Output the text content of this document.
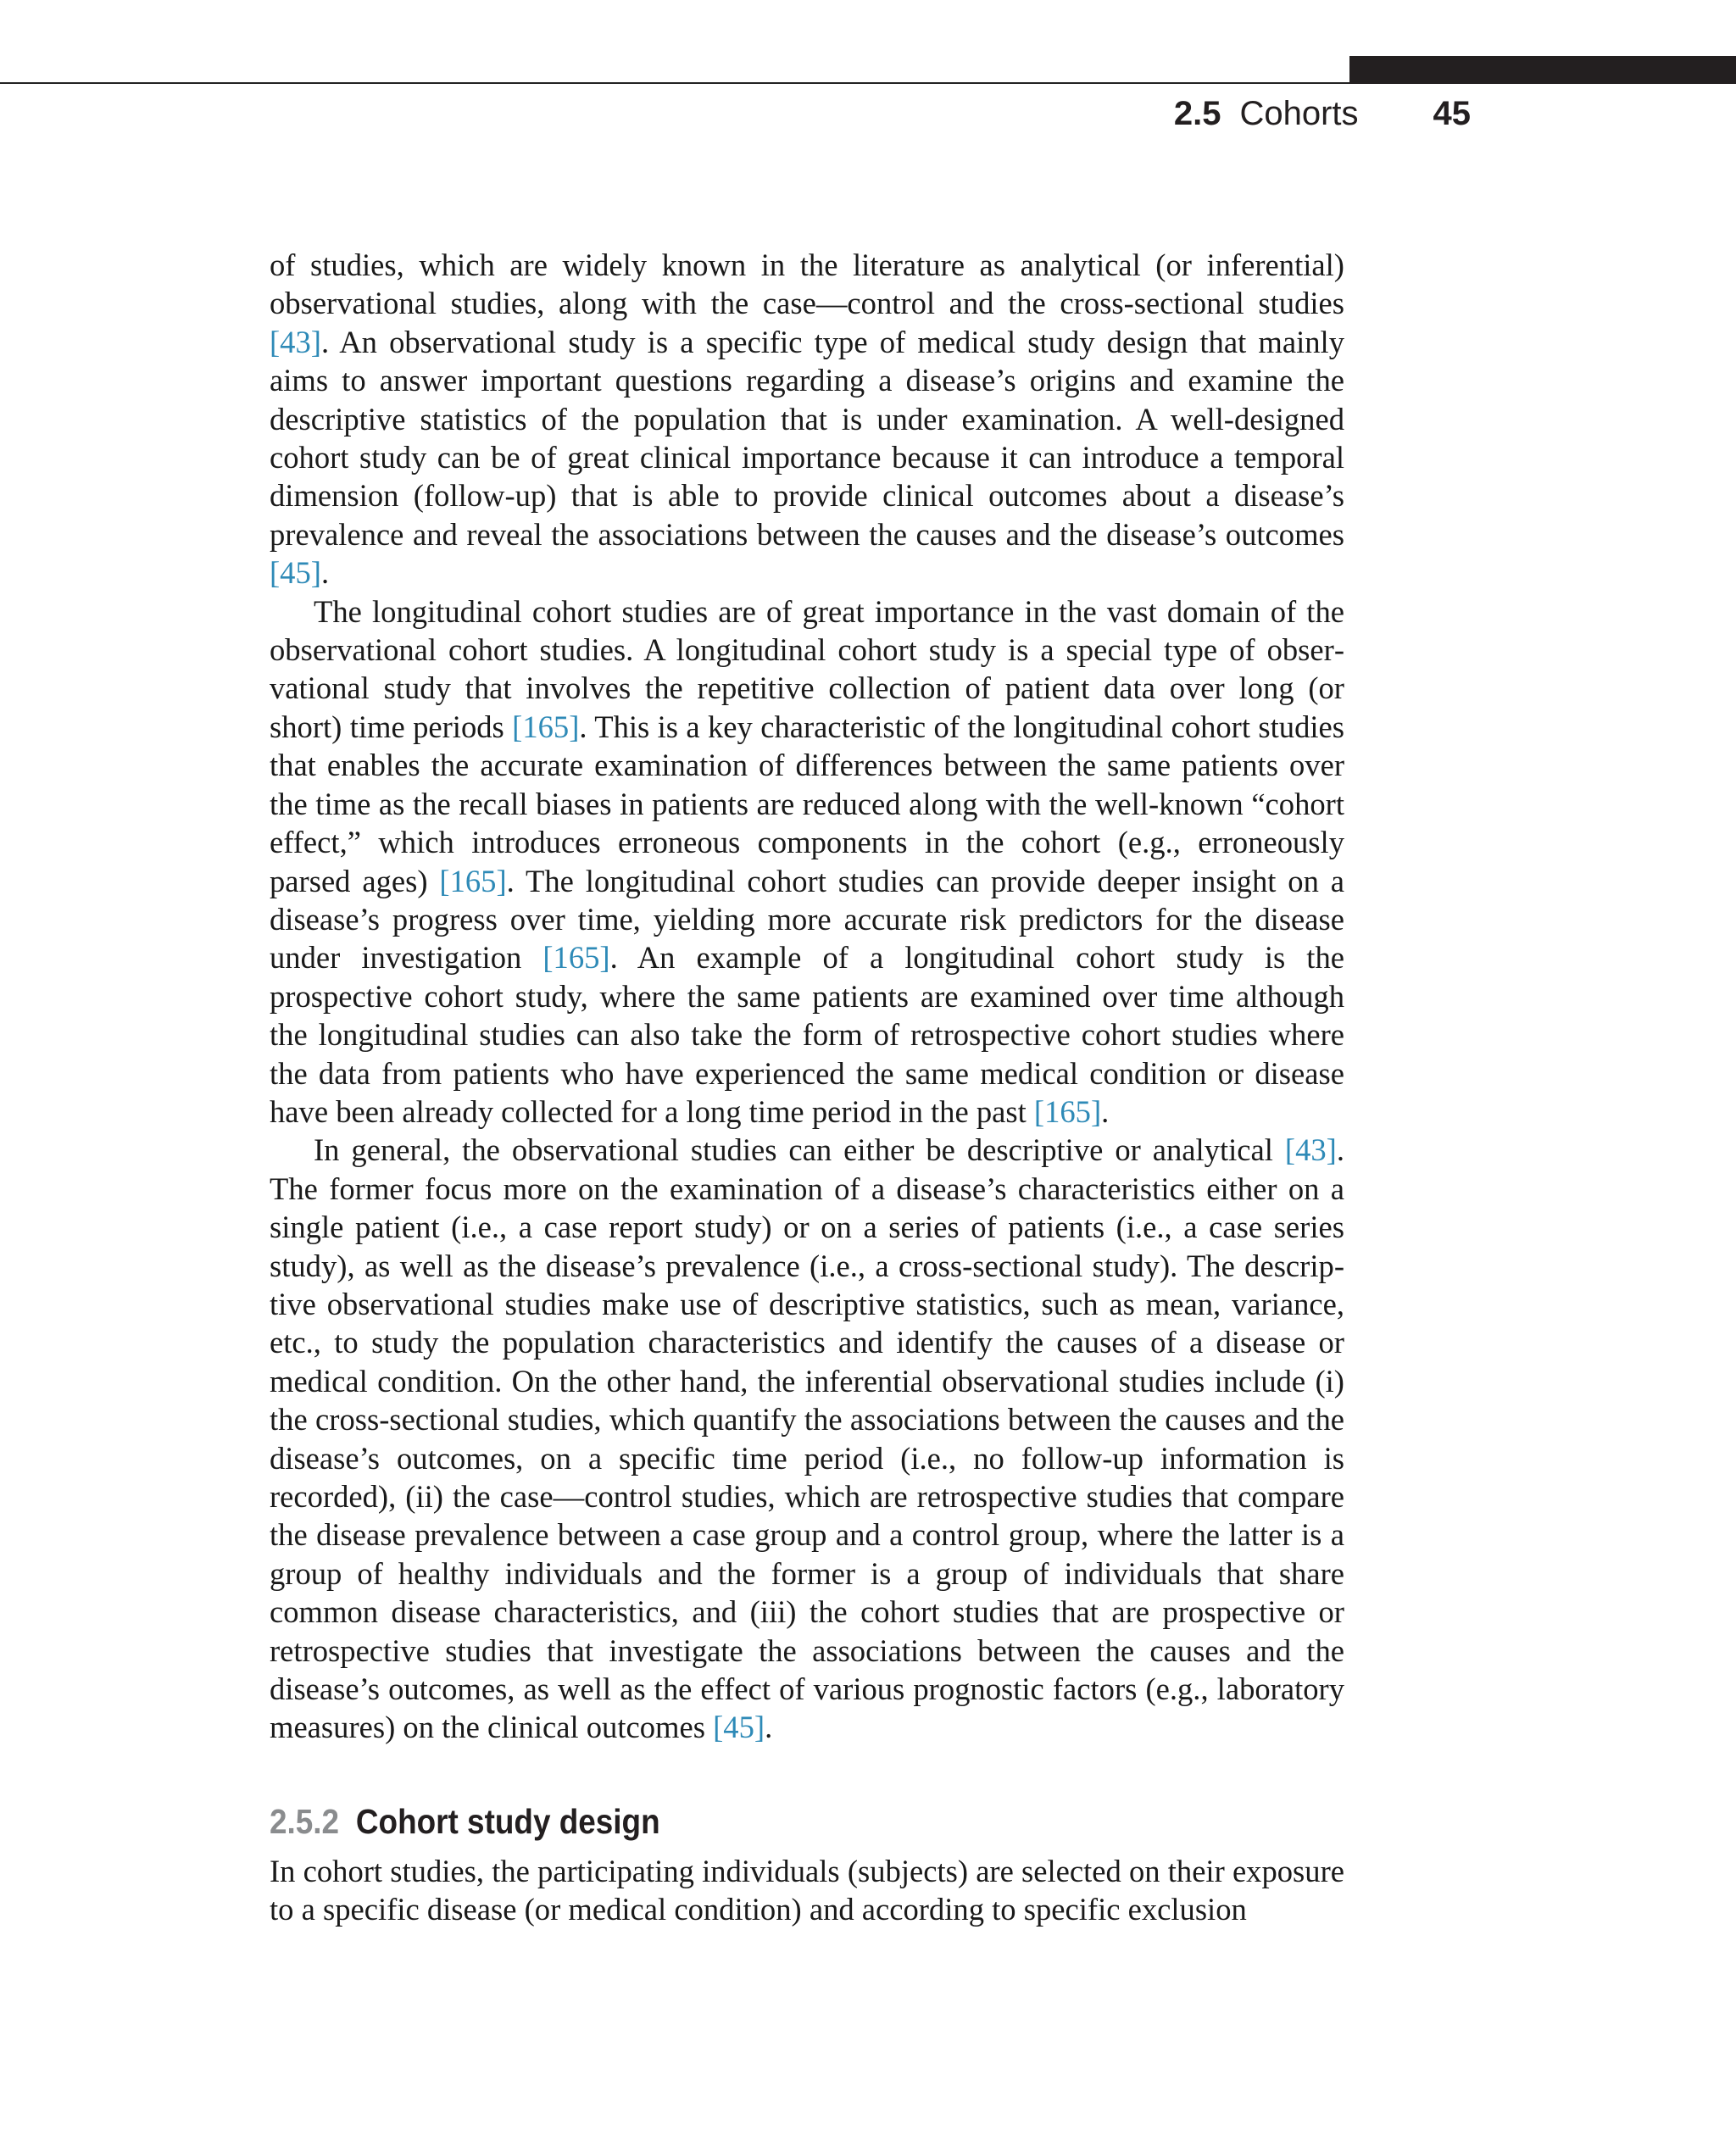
2.5 Cohorts 45

of studies, which are widely known in the literature as analytical (or inferential) observational studies, along with the case—control and the cross-sectional studies [43]. An observational study is a specific type of medical study design that mainly aims to answer important questions regarding a disease’s origins and examine the descriptive statistics of the population that is under examination. A well-designed cohort study can be of great clinical importance because it can introduce a temporal dimension (follow-up) that is able to provide clinical outcomes about a disease’s prevalence and reveal the associations between the causes and the disease’s outcomes [45].

The longitudinal cohort studies are of great importance in the vast domain of the observational cohort studies. A longitudinal cohort study is a special type of observational study that involves the repetitive collection of patient data over long (or short) time periods [165]. This is a key characteristic of the longitudinal cohort studies that enables the accurate examination of differences between the same patients over the time as the recall biases in patients are reduced along with the well-known “cohort effect,” which introduces erroneous components in the cohort (e.g., erroneously parsed ages) [165]. The longitudinal cohort studies can provide deeper insight on a disease’s progress over time, yielding more accurate risk predictors for the disease under investigation [165]. An example of a longitudinal cohort study is the prospective cohort study, where the same patients are examined over time although the longitudinal studies can also take the form of retrospective cohort studies where the data from patients who have experienced the same medical condition or disease have been already collected for a long time period in the past [165].

In general, the observational studies can either be descriptive or analytical [43]. The former focus more on the examination of a disease’s characteristics either on a single patient (i.e., a case report study) or on a series of patients (i.e., a case series study), as well as the disease’s prevalence (i.e., a cross-sectional study). The descriptive observational studies make use of descriptive statistics, such as mean, variance, etc., to study the population characteristics and identify the causes of a disease or medical condition. On the other hand, the inferential observational studies include (i) the cross-sectional studies, which quantify the associations between the causes and the disease’s outcomes, on a specific time period (i.e., no follow-up information is recorded), (ii) the case—control studies, which are retrospective studies that compare the disease prevalence between a case group and a control group, where the latter is a group of healthy individuals and the former is a group of individuals that share common disease characteristics, and (iii) the cohort studies that are prospective or retrospective studies that investigate the associations between the causes and the disease’s outcomes, as well as the effect of various prognostic factors (e.g., laboratory measures) on the clinical outcomes [45].

2.5.2 Cohort study design

In cohort studies, the participating individuals (subjects) are selected on their exposure to a specific disease (or medical condition) and according to specific exclusion
